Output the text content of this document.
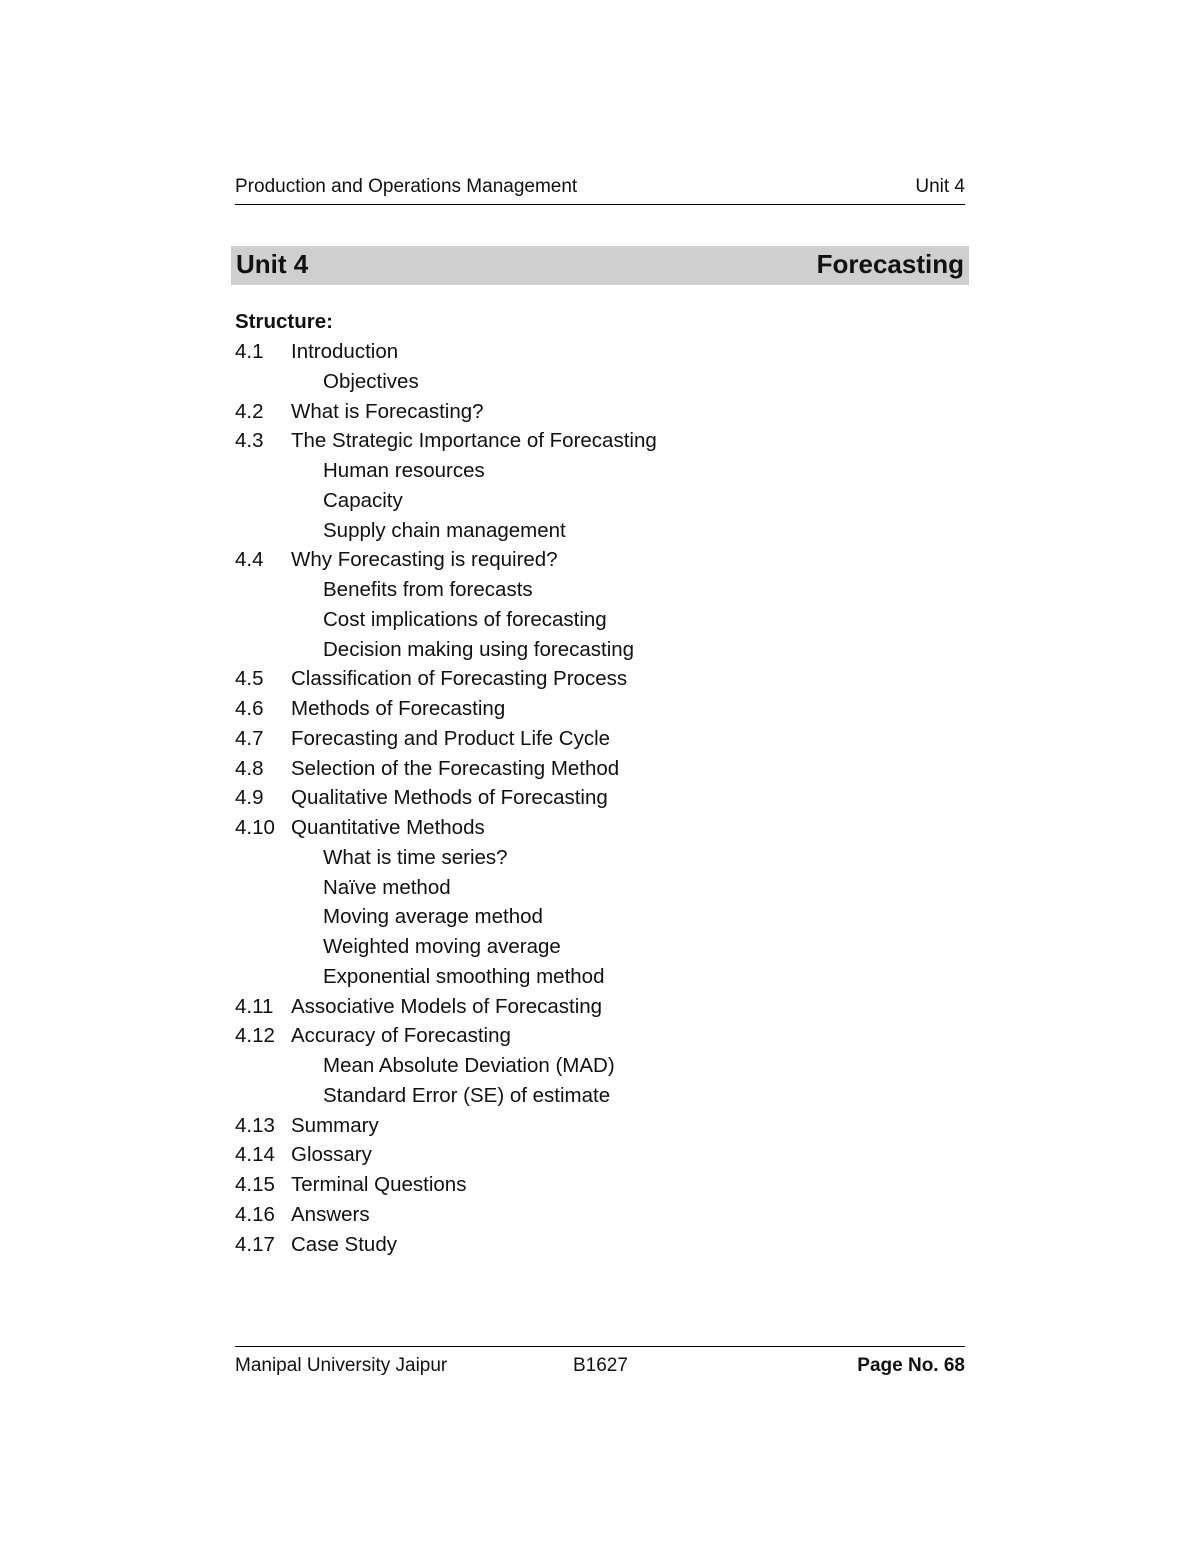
Production and Operations Management	Unit 4
Unit 4	Forecasting
Structure:
4.1 Introduction
Objectives
4.2 What is Forecasting?
4.3 The Strategic Importance of Forecasting
Human resources
Capacity
Supply chain management
4.4 Why Forecasting is required?
Benefits from forecasts
Cost implications of forecasting
Decision making using forecasting
4.5 Classification of Forecasting Process
4.6 Methods of Forecasting
4.7 Forecasting and Product Life Cycle
4.8 Selection of the Forecasting Method
4.9 Qualitative Methods of Forecasting
4.10 Quantitative Methods
What is time series?
Naïve method
Moving average method
Weighted moving average
Exponential smoothing method
4.11 Associative Models of Forecasting
4.12 Accuracy of Forecasting
Mean Absolute Deviation (MAD)
Standard Error (SE) of estimate
4.13 Summary
4.14 Glossary
4.15 Terminal Questions
4.16 Answers
4.17 Case Study
Manipal University Jaipur	B1627	Page No. 68
